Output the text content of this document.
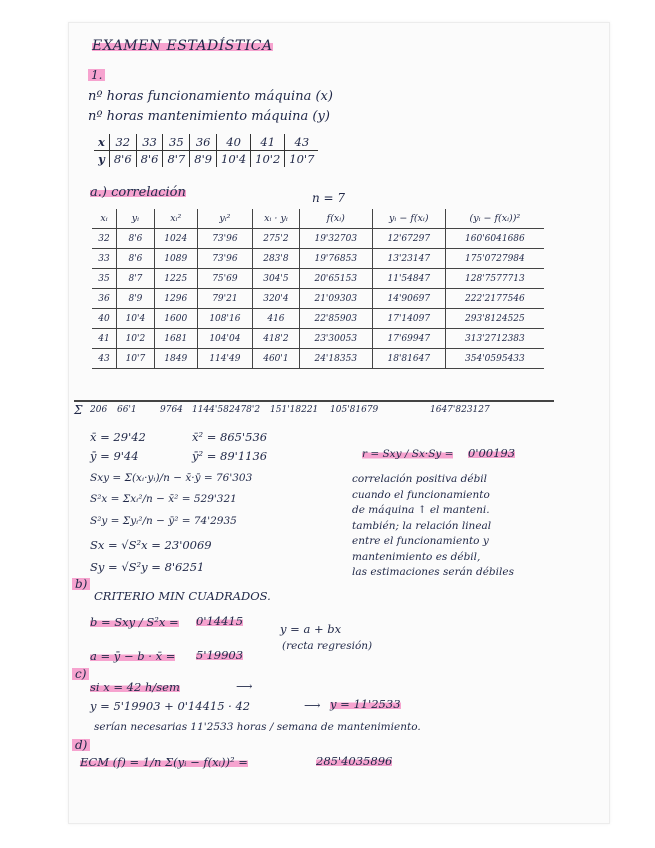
EXAMEN ESTADÍSTICA
1.
nº horas funcionamiento máquina (x)
nº horas mantenimiento máquina (y)
x	32	33	35	36	40	41	43
y	8'6	8'6	8'7	8'9	10'4	10'2	10'7
a.) correlación	n = 7
xᵢ	yᵢ	xᵢ²	yᵢ²	xᵢ · yᵢ	f(xᵢ)	yᵢ − f(xᵢ)	(yᵢ − f(xᵢ))²
32	8'6	1024	73'96	275'2	19'32703	12'67297	160'6041686
33	8'6	1089	73'96	283'8	19'76853	13'23147	175'0727984
35	8'7	1225	75'69	304'5	20'65153	11'54847	128'7577713
36	8'9	1296	79'21	320'4	21'09303	14'90697	222'2177546
40	10'4	1600	108'16	416	22'85903	17'14097	293'8124525
41	10'2	1681	104'04	418'2	23'30053	17'69947	313'2712383
43	10'7	1849	114'49	460'1	24'18353	18'81647	354'0595433
Σ 206 66'1	9764 1144'58 2478'2 151'18221 105'81679	1647'823127
x̄ = 29'42	x̄² = 865'536
ȳ = 9'44	ȳ² = 89'1136
Sxy = Σ(xᵢ·yᵢ)/n − x̄·ȳ = 76'303
S²x = Σxᵢ²/n − x̄² = 529'321
S²y = Σyᵢ²/n − ȳ² = 74'2935
Sx = √S²x = 23'0069
Sy = √S²y = 8'6251
r = Sxy / Sx·Sy = 0'00193
correlación positiva débil
cuando el funcionamiento
de máquina ↑ el manteni.
también; la relación lineal
entre el funcionamiento y
mantenimiento es débil,
las estimaciones serán débiles
b)
CRITERIO MIN CUADRADOS.
b = Sxy / S²x = 0'14415
y = a + bx
(recta regresión)
a = ȳ − b · x̄ = 5'19903
c)
si x = 42 h/sem	⟶
y = 5'19903 + 0'14415 · 42	⟶ y = 11'2533
serían necesarias 11'2533 horas / semana de mantenimiento.
d)
ECM (f) = 1/n Σ(yᵢ − f(xᵢ))² =	285'4035896
